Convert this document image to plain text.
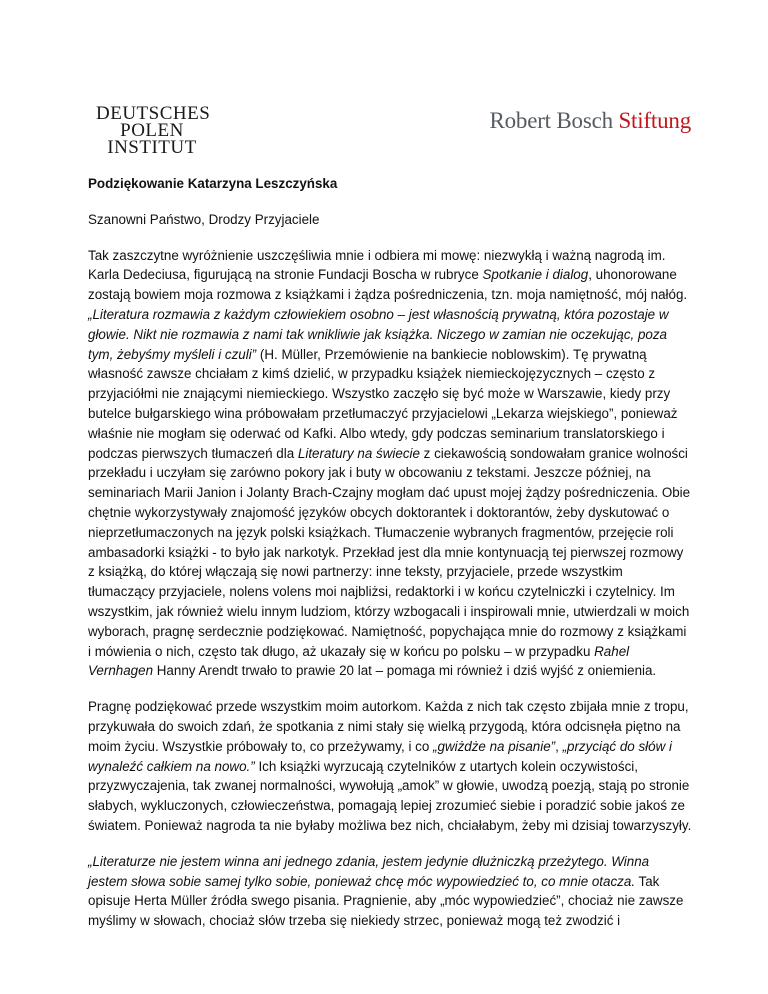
DEUTSCHES
POLEN
INSTITUT
Robert Bosch Stiftung
Podziękowanie Katarzyna Leszczyńska
Szanowni Państwo, Drodzy Przyjaciele

Tak zaszczytne wyróżnienie uszczęśliwia mnie i odbiera mi mowę: niezwykłą i ważną nagrodą im. Karla Dedeciusa, figurującą na stronie Fundacji Boscha w rubryce Spotkanie i dialog, uhonorowane zostają bowiem moja rozmowa z książkami i żądza pośredniczenia, tzn. moja namiętność, mój nałóg. „Literatura rozmawia z każdym człowiekiem osobno – jest własnością prywatną, która pozostaje w głowie. Nikt nie rozmawia z nami tak wnikliwie jak książka. Niczego w zamian nie oczekując, poza tym, żebyśmy myśleli i czuli” (H. Müller, Przemówienie na bankiecie noblowskim). Tę prywatną własność zawsze chciałam z kimś dzielić, w przypadku książek niemieckojęzycznych – często z przyjaciółmi nie znającymi niemieckiego. Wszystko zaczęło się być może w Warszawie, kiedy przy butelce bułgarskiego wina próbowałam przetłumaczyć przyjacielowi „Lekarza wiejskiego”, ponieważ właśnie nie mogłam się oderwać od Kafki. Albo wtedy, gdy podczas seminarium translatorskiego i podczas pierwszych tłumaczeń dla Literatury na świecie z ciekawością sondowałam granice wolności przekładu i uczyłam się zarówno pokory jak i buty w obcowaniu z tekstami. Jeszcze później, na seminariach Marii Janion i Jolanty Brach-Czajny mogłam dać upust mojej żądzy pośredniczenia. Obie chętnie wykorzystywały znajomość języków obcych doktorantek i doktorantów, żeby dyskutować o nieprzetłumaczonych na język polski książkach. Tłumaczenie wybranych fragmentów, przejęcie roli ambasadorki książki - to było jak narkotyk. Przekład jest dla mnie kontynuacją tej pierwszej rozmowy z książką, do której włączają się nowi partnerzy: inne teksty, przyjaciele, przede wszystkim tłumaczący przyjaciele, nolens volens moi najbliżsi, redaktorki i w końcu czytelniczki i czytelnicy. Im wszystkim, jak również wielu innym ludziom, którzy wzbogacali i inspirowali mnie, utwierdzali w moich wyborach, pragnę serdecznie podziękować. Namiętność, popychająca mnie do rozmowy z książkami i mówienia o nich, często tak długo, aż ukazały się w końcu po polsku – w przypadku Rahel Vernhagen Hanny Arendt trwało to prawie 20 lat – pomaga mi również i dziś wyjść z oniemienia.

Pragnę podziękować przede wszystkim moim autorkom. Każda z nich tak często zbijała mnie z tropu, przykuwała do swoich zdań, że spotkania z nimi stały się wielką przygodą, która odcisnęła piętno na moim życiu. Wszystkie próbowały to, co przeżywamy, i co „gwiżdże na pisanie”, „przyciąć do słów i wynaleźć całkiem na nowo.” Ich książki wyrzucają czytelników z utartych kolein oczywistości, przyzwyczajenia, tak zwanej normalności, wywołują „amok” w głowie, uwodzą poezją, stają po stronie słabych, wykluczonych, człowieczeństwa, pomagają lepiej zrozumieć siebie i poradzić sobie jakoś ze światem. Ponieważ nagroda ta nie byłaby możliwa bez nich, chciałabym, żeby mi dzisiaj towarzyszyły.

„Literaturze nie jestem winna ani jednego zdania, jestem jedynie dłużniczką przeżytego. Winna jestem słowa sobie samej tylko sobie, ponieważ chcę móc wypowiedzieć to, co mnie otacza. Tak opisuje Herta Müller źródła swego pisania. Pragnienie, aby „móc wypowiedzieć”, chociaż nie zawsze myślimy w słowach, chociaż słów trzeba się niekiedy strzec, ponieważ mogą też zwodzić i
